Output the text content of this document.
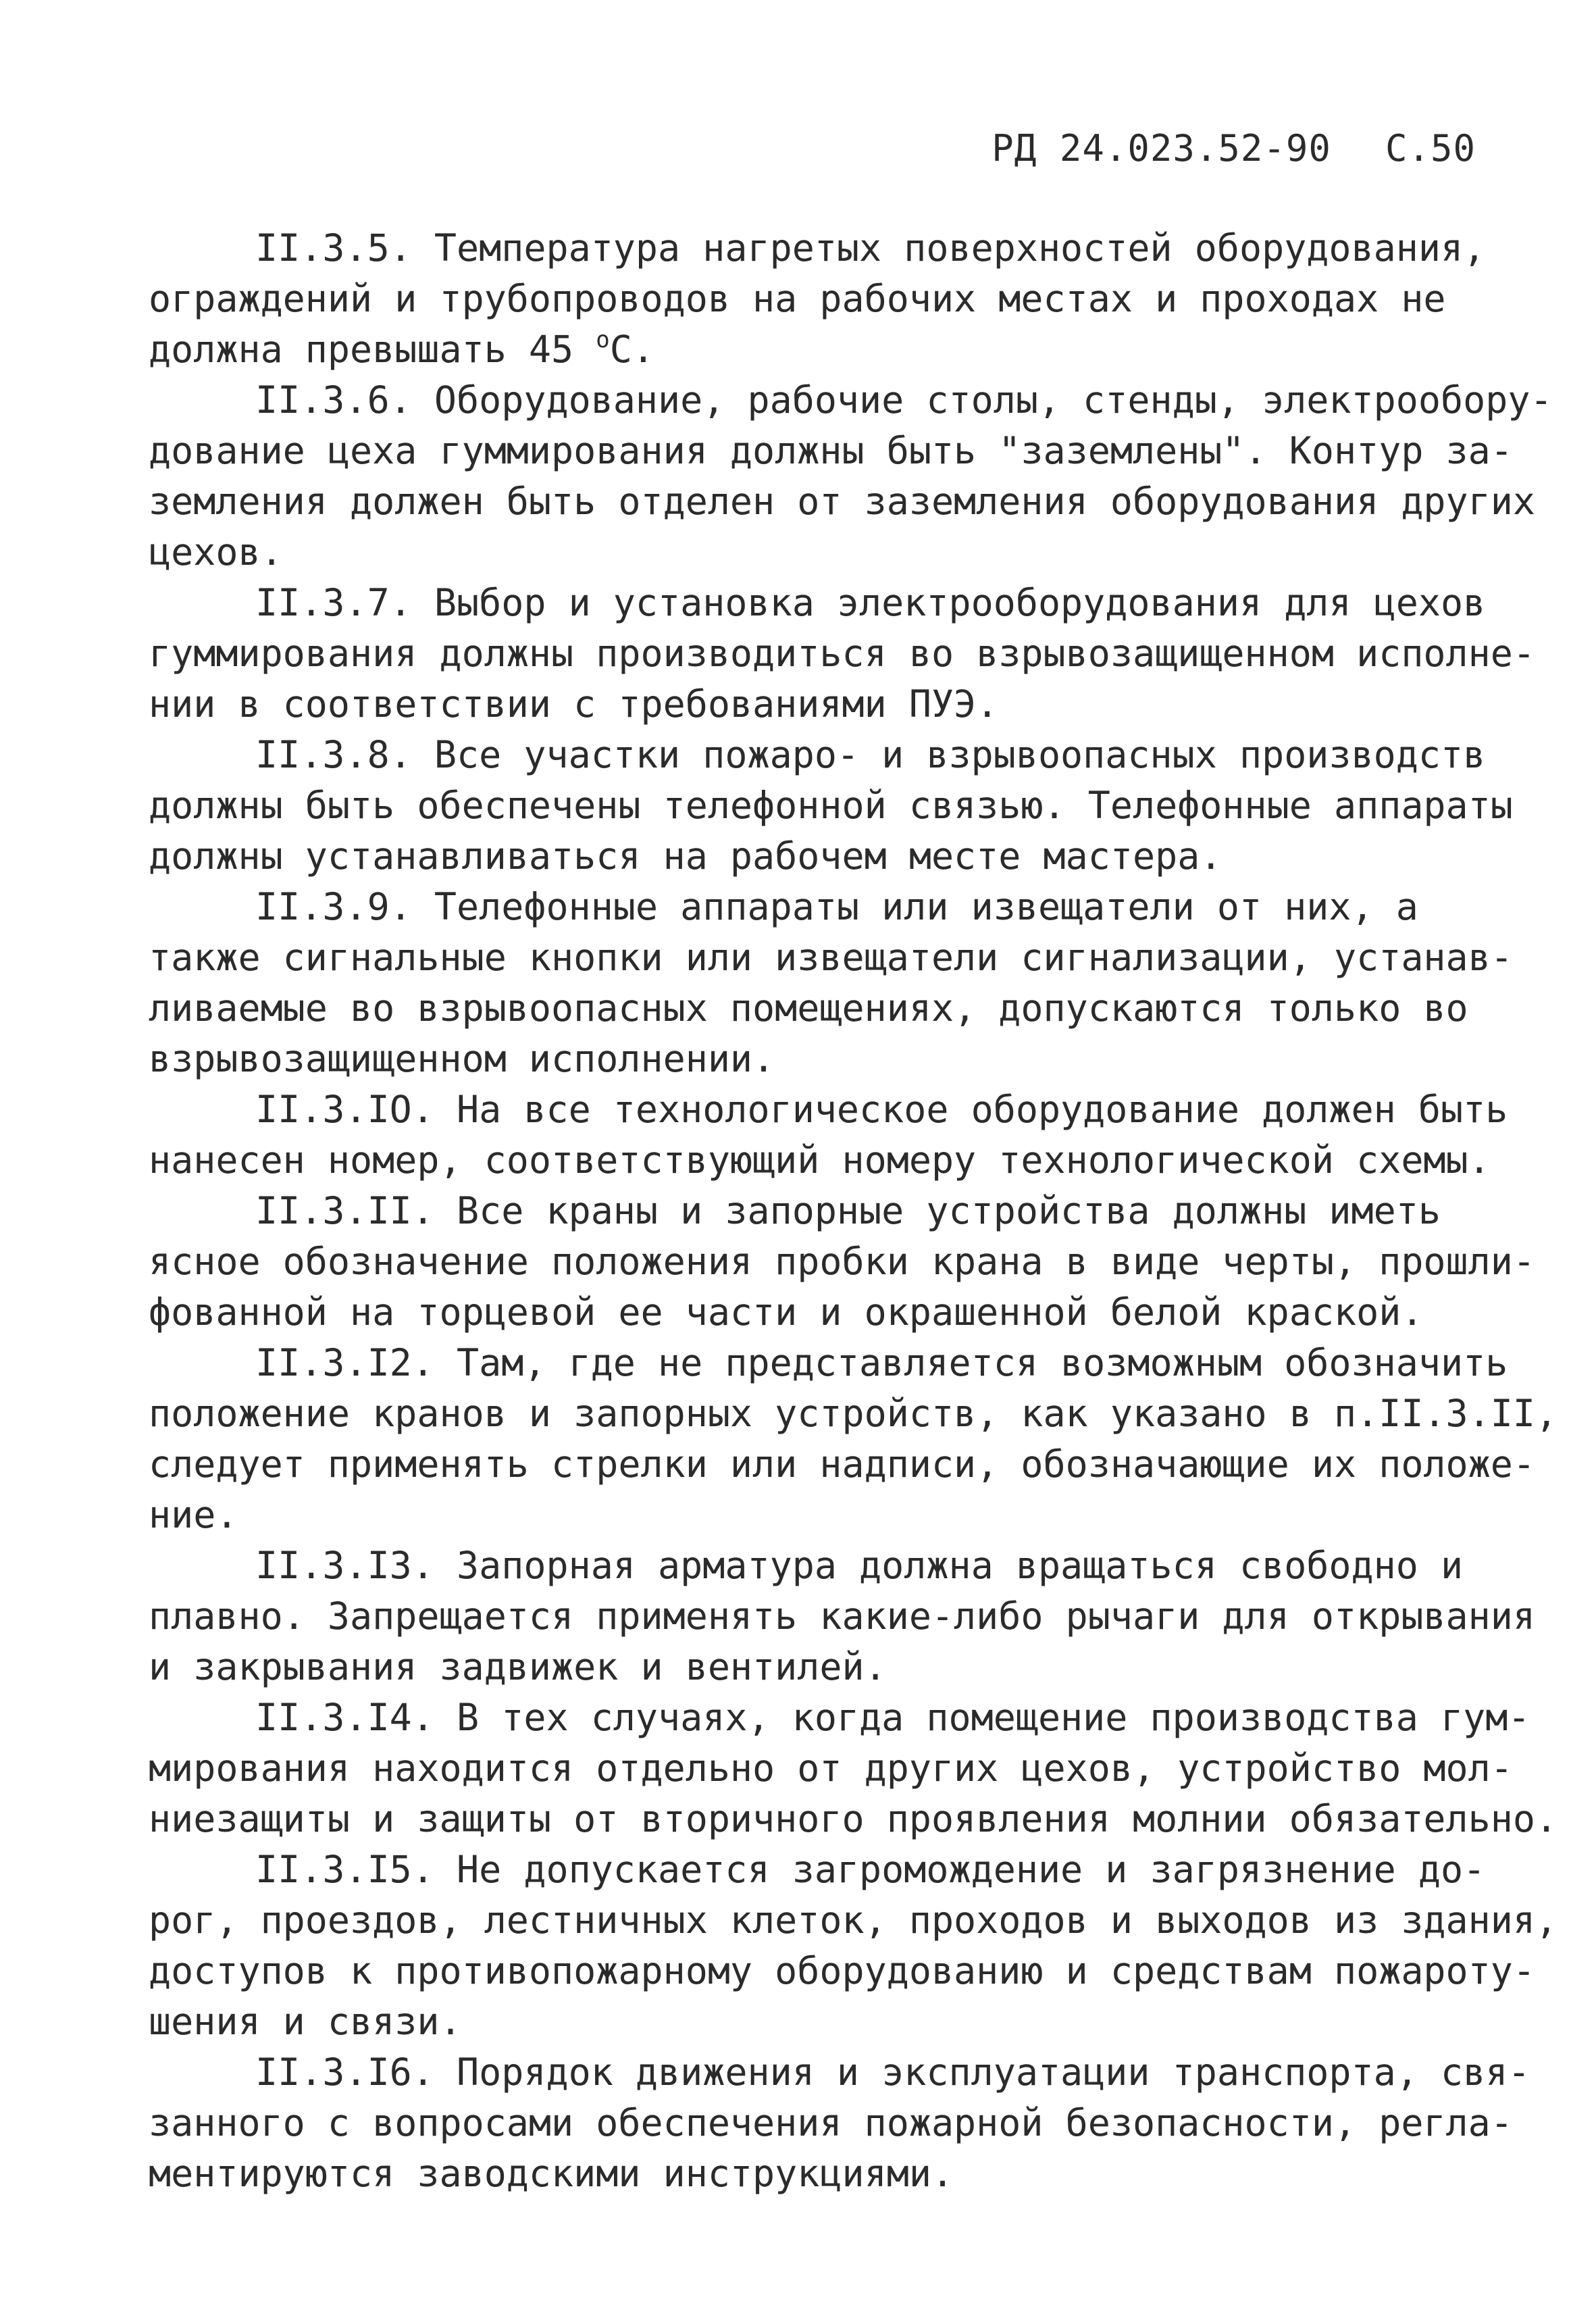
РД 24.023.52-90 С.50
II.3.5. Температура нагретых поверхностей оборудования,
ограждений и трубопроводов на рабочих местах и проходах не
должна превышать 45 $^o$С.
II.3.6. Оборудование, рабочие столы, стенды, электрообору-
дование цеха гуммирования должны быть "заземлены". Контур за-
земления должен быть отделен от заземления оборудования других
цехов.
II.3.7. Выбор и установка электрооборудования для цехов
гуммирования должны производиться во взрывозащищенном исполне-
нии в соответствии с требованиями ПУЭ.
II.3.8. Все участки пожаро- и взрывоопасных производств
должны быть обеспечены телефонной связью. Телефонные аппараты
должны устанавливаться на рабочем месте мастера.
II.3.9. Телефонные аппараты или извещатели от них, а
также сигнальные кнопки или извещатели сигнализации, устанав-
ливаемые во взрывоопасных помещениях, допускаются только во
взрывозащищенном исполнении.
II.3.IO. На все технологическое оборудование должен быть
нанесен номер, соответствующий номеру технологической схемы.
II.3.II. Все краны и запорные устройства должны иметь
ясное обозначение положения пробки крана в виде черты, прошли-
фованной на торцевой ее части и окрашенной белой краской.
II.3.I2. Там, где не представляется возможным обозначить
положение кранов и запорных устройств, как указано в п.II.3.II,
следует применять стрелки или надписи, обозначающие их положе-
ние.
II.3.I3. Запорная арматура должна вращаться свободно и
плавно. Запрещается применять какие-либо рычаги для открывания
и закрывания задвижек и вентилей.
II.3.I4. В тех случаях, когда помещение производства гум-
мирования находится отдельно от других цехов, устройство мол-
ниезащиты и защиты от вторичного проявления молнии обязательно.
II.3.I5. Не допускается загромождение и загрязнение до-
рог, проездов, лестничных клеток, проходов и выходов из здания,
доступов к противопожарному оборудованию и средствам пожароту-
шения и связи.
II.3.I6. Порядок движения и эксплуатации транспорта, свя-
занного с вопросами обеспечения пожарной безопасности, регла-
ментируются заводскими инструкциями.
